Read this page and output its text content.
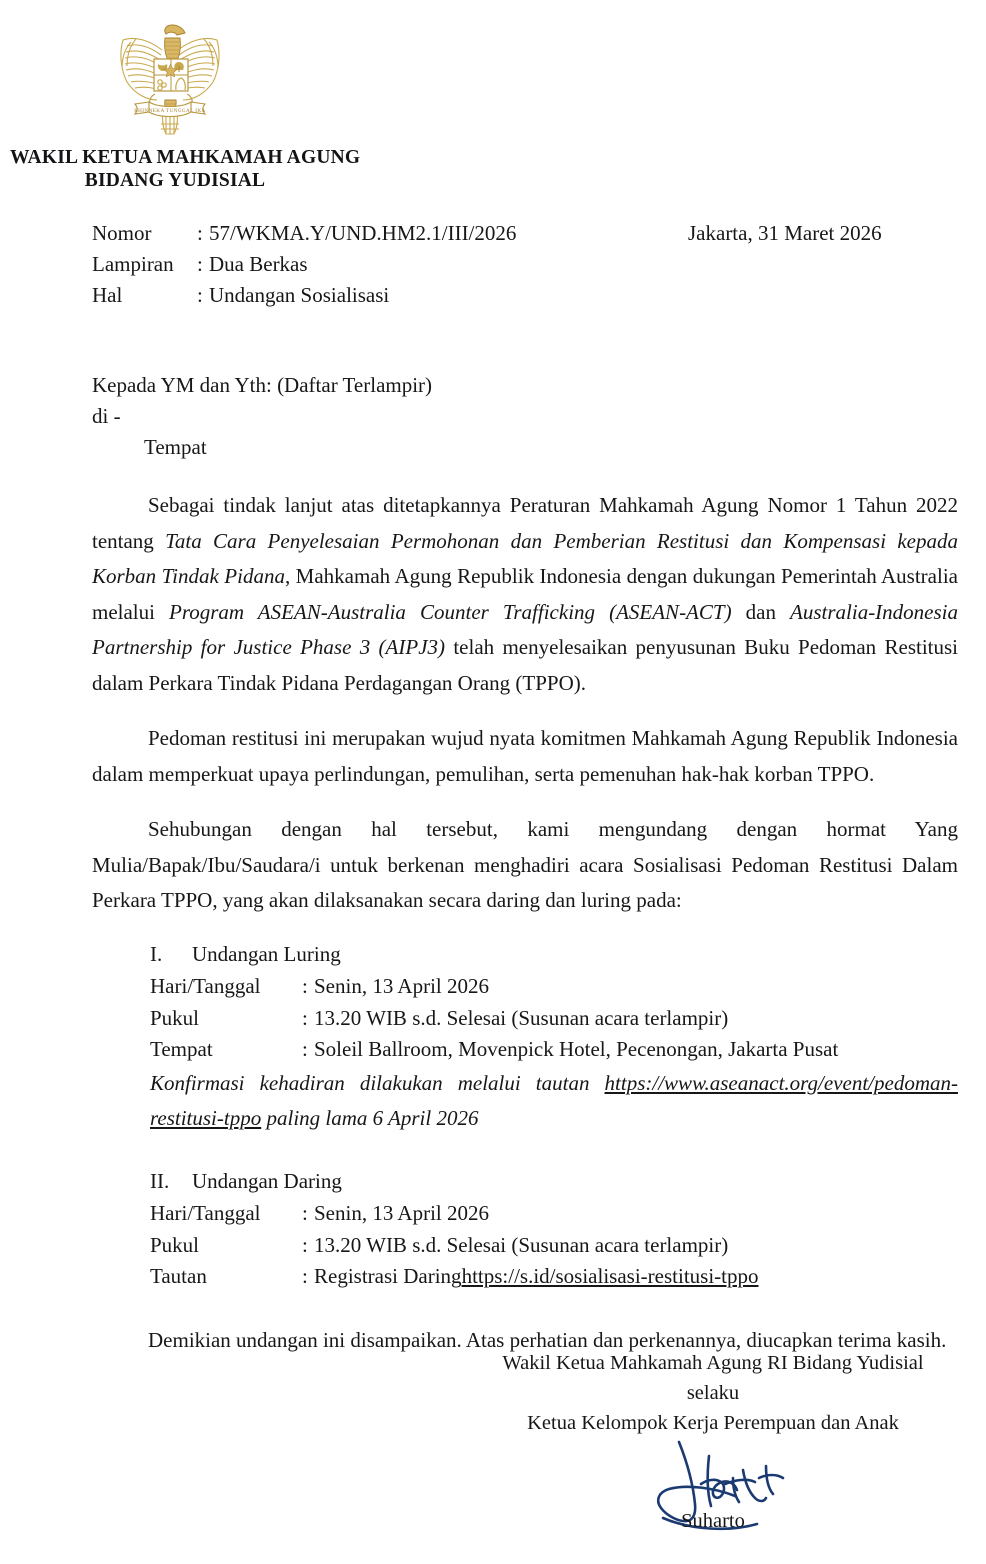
BHINNEKA TUNGGAL IKA
WAKIL KETUA MAHKAMAH AGUNG
BIDANG YUDISIAL
Nomor	: 57/WKMA.Y/UND.HM2.1/III/2026
Lampiran	: Dua Berkas
Hal	: Undangan Sosialisasi
Jakarta, 31 Maret 2026
Kepada YM dan Yth: (Daftar Terlampir)
di -
Tempat

Sebagai tindak lanjut atas ditetapkannya Peraturan Mahkamah Agung Nomor 1 Tahun 2022 tentang Tata Cara Penyelesaian Permohonan dan Pemberian Restitusi dan Kompensasi kepada Korban Tindak Pidana, Mahkamah Agung Republik Indonesia dengan dukungan Pemerintah Australia melalui Program ASEAN-Australia Counter Trafficking (ASEAN-ACT) dan Australia-Indonesia Partnership for Justice Phase 3 (AIPJ3) telah menyelesaikan penyusunan Buku Pedoman Restitusi dalam Perkara Tindak Pidana Perdagangan Orang (TPPO).

Pedoman restitusi ini merupakan wujud nyata komitmen Mahkamah Agung Republik Indonesia dalam memperkuat upaya perlindungan, pemulihan, serta pemenuhan hak-hak korban TPPO.

Sehubungan dengan hal tersebut, kami mengundang dengan hormat Yang Mulia/Bapak/Ibu/Saudara/i untuk berkenan menghadiri acara Sosialisasi Pedoman Restitusi Dalam Perkara TPPO, yang akan dilaksanakan secara daring dan luring pada:

I.	Undangan Luring
Hari/Tanggal	: Senin, 13 April 2026
Pukul	: 13.20 WIB s.d. Selesai (Susunan acara terlampir)
Tempat	: Soleil Ballroom, Movenpick Hotel, Pecenongan, Jakarta Pusat

Konfirmasi kehadiran dilakukan melalui tautan https://www.aseanact.org/event/pedoman-restitusi-tppo paling lama 6 April 2026

II.	Undangan Daring
Hari/Tanggal	: Senin, 13 April 2026
Pukul	: 13.20 WIB s.d. Selesai (Susunan acara terlampir)
Tautan	: Registrasi Daring https://s.id/sosialisasi-restitusi-tppo

Demikian undangan ini disampaikan. Atas perhatian dan perkenannya, diucapkan terima kasih.

Wakil Ketua Mahkamah Agung RI Bidang Yudisial
selaku
Ketua Kelompok Kerja Perempuan dan Anak
Suharto
